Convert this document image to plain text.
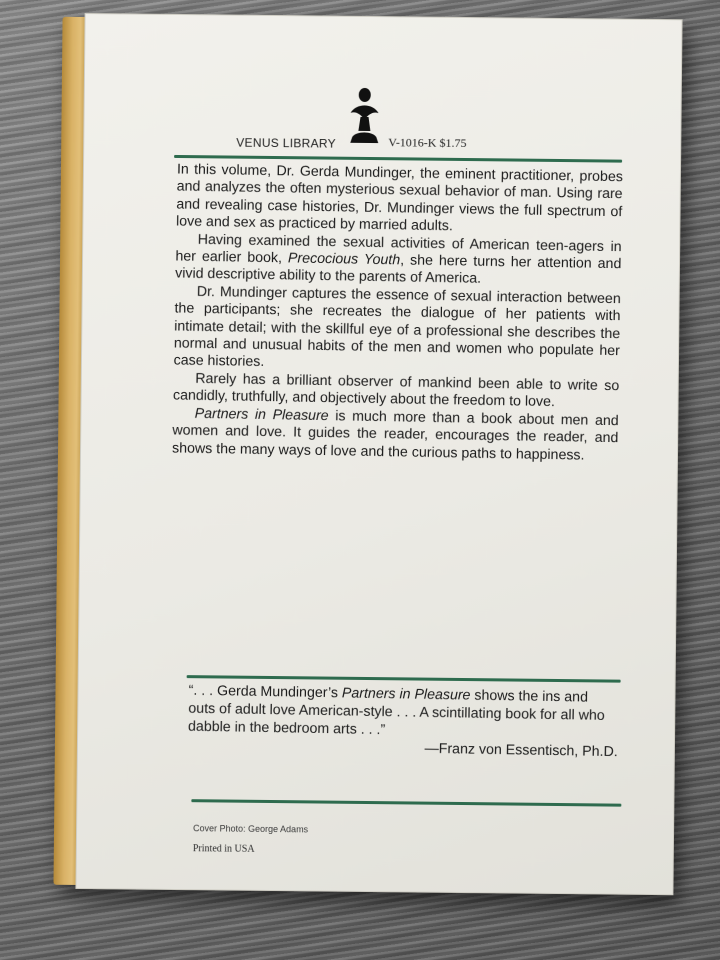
VENUS LIBRARY	V-1016-K $1.75

In this volume, Dr. Gerda Mundinger, the eminent practitioner, probes and analyzes the often mysterious sexual behavior of man. Using rare and revealing case histories, Dr. Mundinger views the full spectrum of love and sex as practiced by married adults.

Having examined the sexual activities of American teen-agers in her earlier book, Precocious Youth, she here turns her attention and vivid descriptive ability to the parents of America.

Dr. Mundinger captures the essence of sexual interaction between the participants; she recreates the dialogue of her patients with intimate detail; with the skillful eye of a professional she describes the normal and unusual habits of the men and women who populate her case histories.

Rarely has a brilliant observer of mankind been able to write so candidly, truthfully, and objectively about the freedom to love.

Partners in Pleasure is much more than a book about men and women and love. It guides the reader, encourages the reader, and shows the many ways of love and the curious paths to happiness.

“. . . Gerda Mundinger’s Partners in Pleasure shows the ins and outs of adult love American-style . . . A scintillating book for all who dabble in the bedroom arts . . .”

—Franz von Essentisch, Ph.D.

Cover Photo: George Adams
Printed in USA
